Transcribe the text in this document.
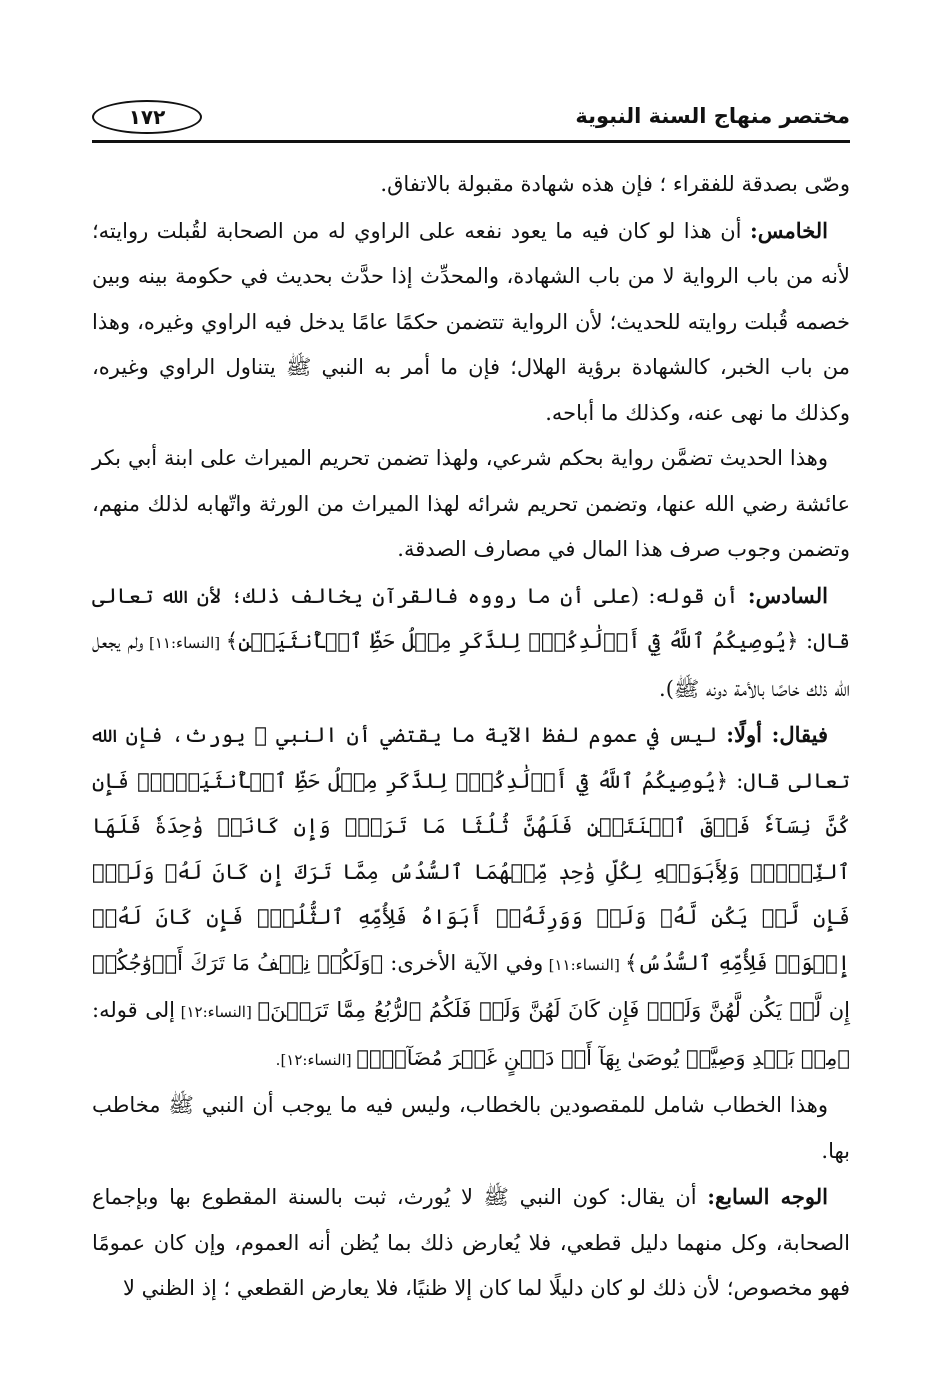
مختصر منهاج السنة النبوية
١٧٢

وصّى بصدقة للفقراء ؛ فإن هذه شهادة مقبولة بالاتفاق.

الخامس: أن هذا لو كان فيه ما يعود نفعه على الراوي له من الصحابة لقُبلت روايته؛ لأنه من باب الرواية لا من باب الشهادة، والمحدِّث إذا حدَّث بحديث في حكومة بينه وبين خصمه قُبلت روايته للحديث؛ لأن الرواية تتضمن حكمًا عامًا يدخل فيه الراوي وغيره، وهذا من باب الخبر، كالشهادة برؤية الهلال؛ فإن ما أمر به النبي ﷺ يتناول الراوي وغيره، وكذلك ما نهى عنه، وكذلك ما أباحه.

وهذا الحديث تضمَّن رواية بحكم شرعي، ولهذا تضمن تحريم الميراث على ابنة أبي بكر عائشة رضي الله عنها، وتضمن تحريم شرائه لهذا الميراث من الورثة واتّهابه لذلك منهم، وتضمن وجوب صرف هذا المال في مصارف الصدقة.

السادس: أن قوله: (على أن ما رووه فالقرآن يخالف ذلك؛ لأن الله تعالى قال: ﴿يُوصِيكُمُ ٱللَّهُ فِيٓ أَوۡلَٰدِكُمۡۖ لِلذَّكَرِ مِثۡلُ حَظِّ ٱلۡأُنثَيَيۡنِ﴾ [النساء:١١] ولم يجعل الله ذلك خاصًا بالأمة دونه ﷺ).

فيقال: أولًا: ليس في عموم لفظ الآية ما يقتضي أن النبي ﷺ يورث، فإن الله تعالى قال: ﴿يُوصِيكُمُ ٱللَّهُ فِيٓ أَوۡلَٰدِكُمۡۖ لِلذَّكَرِ مِثۡلُ حَظِّ ٱلۡأُنثَيَيۡنِۚ فَإِن كُنَّ نِسَآءٗ فَوۡقَ ٱثۡنَتَيۡنِ فَلَهُنَّ ثُلُثَا مَا تَرَكَۖ وَإِن كَانَتۡ وَٰحِدَةٗ فَلَهَا ٱلنِّصۡفُۚ وَلِأَبَوَيۡهِ لِكُلِّ وَٰحِدٖ مِّنۡهُمَا ٱلسُّدُسُ مِمَّا تَرَكَ إِن كَانَ لَهُۥ وَلَدٞۚ فَإِن لَّمۡ يَكُن لَّهُۥ وَلَدٞ وَوَرِثَهُۥٓ أَبَوَاهُ فَلِأُمِّهِ ٱلثُّلُثُۚ فَإِن كَانَ لَهُۥٓ إِخۡوَةٞ فَلِأُمِّهِ ٱلسُّدُسُ﴾ [النساء:١١] وفي الآية الأخرى: ﴿وَلَكُمۡ نِصۡفُ مَا تَرَكَ أَزۡوَٰجُكُمۡ إِن لَّمۡ يَكُن لَّهُنَّ وَلَدٞۚ فَإِن كَانَ لَهُنَّ وَلَدٞ فَلَكُمُ ٱلرُّبُعُ مِمَّا تَرَكۡنَ﴾ [النساء:١٢] إلى قوله: ﴿مِنۢ بَعۡدِ وَصِيَّةٖ يُوصَىٰ بِهَآ أَوۡ دَيۡنٍ غَيۡرَ مُضَآرّٖ﴾ [النساء:١٢].

وهذا الخطاب شامل للمقصودين بالخطاب، وليس فيه ما يوجب أن النبي ﷺ مخاطب بها.

الوجه السابع: أن يقال: كون النبي ﷺ لا يُورث، ثبت بالسنة المقطوع بها وبإجماع الصحابة، وكل منهما دليل قطعي، فلا يُعارض ذلك بما يُظن أنه العموم، وإن كان عمومًا فهو مخصوص؛ لأن ذلك لو كان دليلًا لما كان إلا ظنيًا، فلا يعارض القطعي ؛ إذ الظني لا
